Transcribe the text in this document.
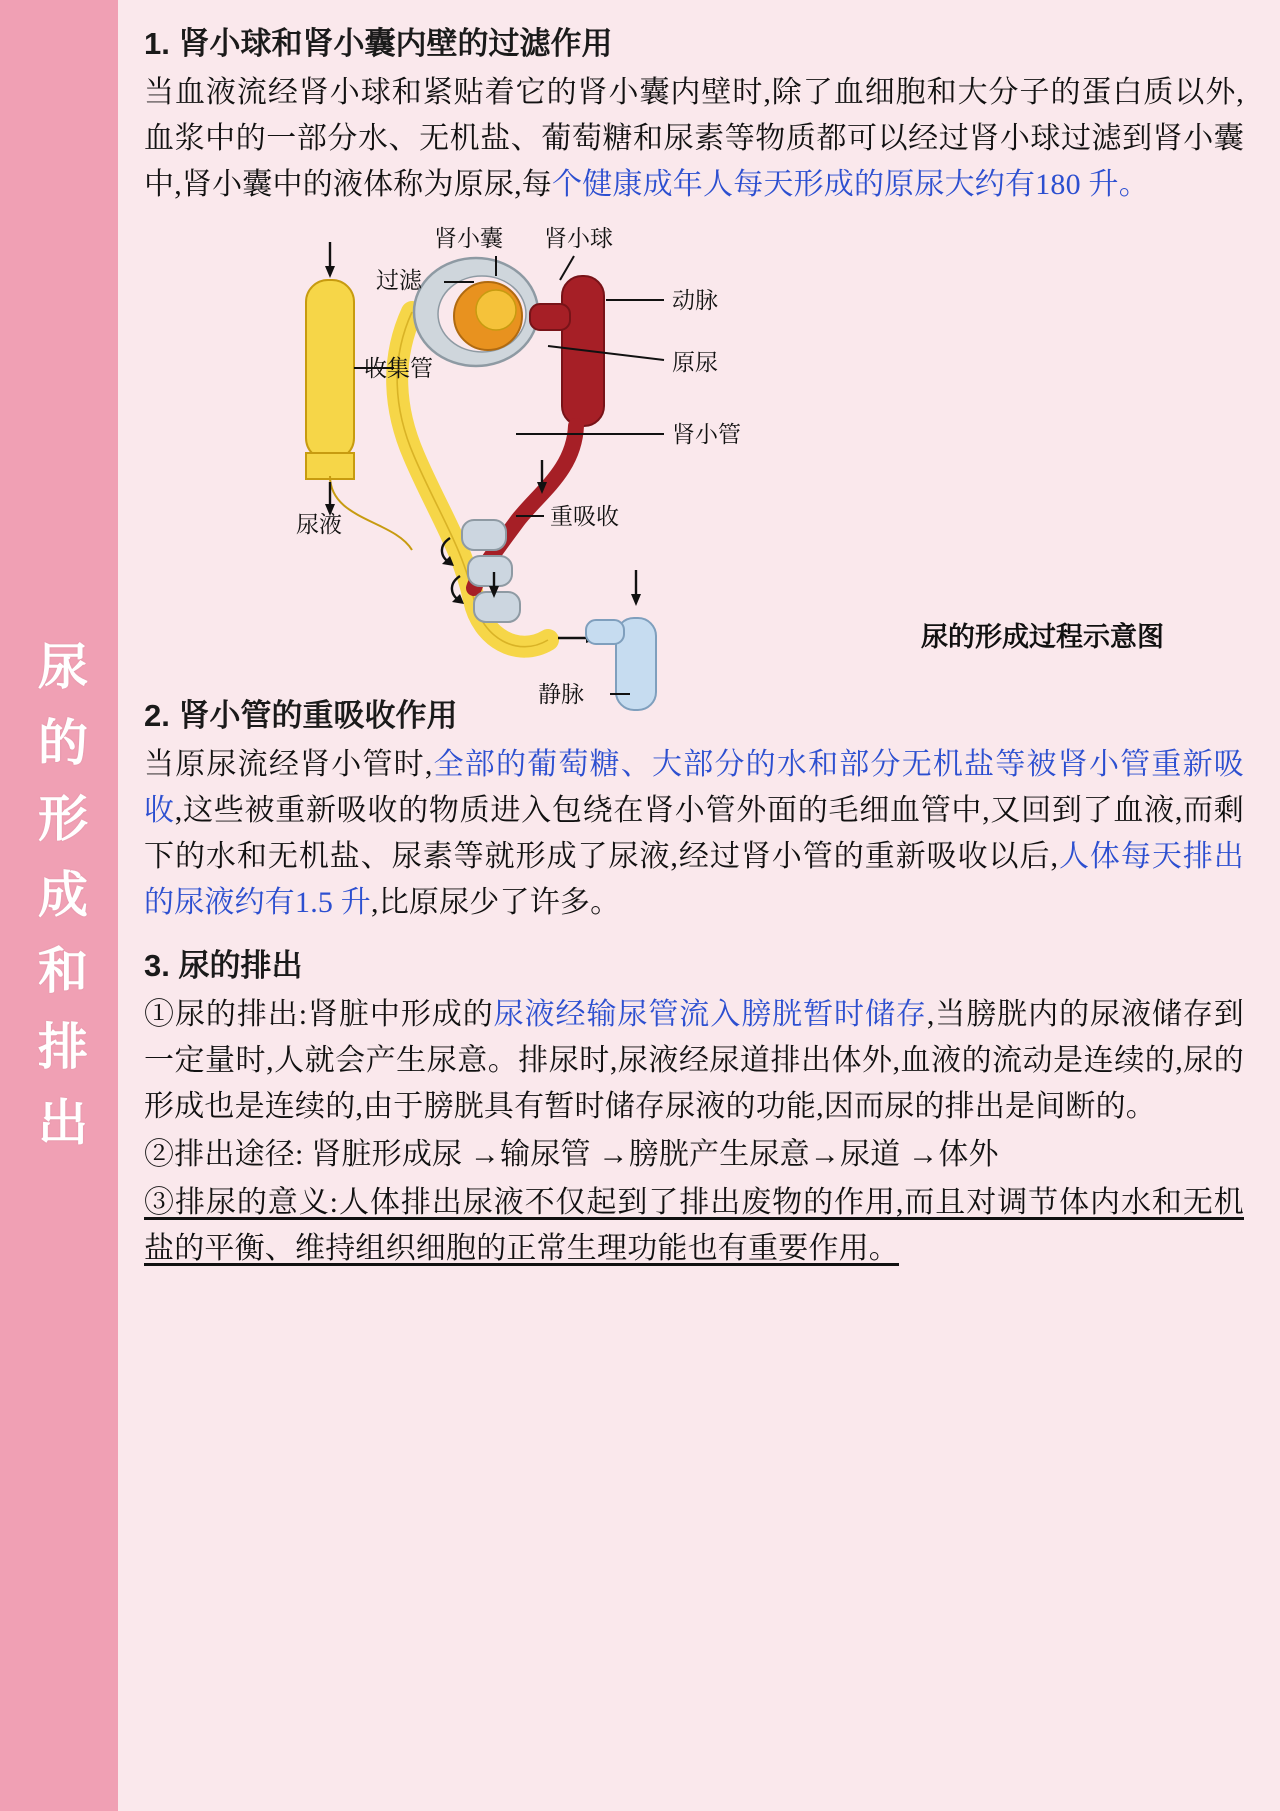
尿的形成和排出
1. 肾小球和肾小囊内壁的过滤作用

当血液流经肾小球和紧贴着它的肾小囊内壁时,除了血细胞和大分子的蛋白质以外,血浆中的一部分水、无机盐、葡萄糖和尿素等物质都可以经过肾小球过滤到肾小囊中,肾小囊中的液体称为原尿,每个健康成年人每天形成的原尿大约有180 升。

肾小囊 肾小球
过滤
动脉
原尿
收集管
肾小管
重吸收
尿液
静脉
尿的形成过程示意图
2. 肾小管的重吸收作用

当原尿流经肾小管时,全部的葡萄糖、大部分的水和部分无机盐等被肾小管重新吸收,这些被重新吸收的物质进入包绕在肾小管外面的毛细血管中,又回到了血液,而剩下的水和无机盐、尿素等就形成了尿液,经过肾小管的重新吸收以后,人体每天排出的尿液约有1.5 升,比原尿少了许多。

3. 尿的排出

①尿的排出:肾脏中形成的尿液经输尿管流入膀胱暂时储存,当膀胱内的尿液储存到一定量时,人就会产生尿意。排尿时,尿液经尿道排出体外,血液的流动是连续的,尿的形成也是连续的,由于膀胱具有暂时储存尿液的功能,因而尿的排出是间断的。

②排出途径: 肾脏形成尿 →输尿管 →膀胱产生尿意→尿道 →体外

③排尿的意义:人体排出尿液不仅起到了排出废物的作用,而且对调节体内水和无机盐的平衡、维持组织细胞的正常生理功能也有重要作用。
